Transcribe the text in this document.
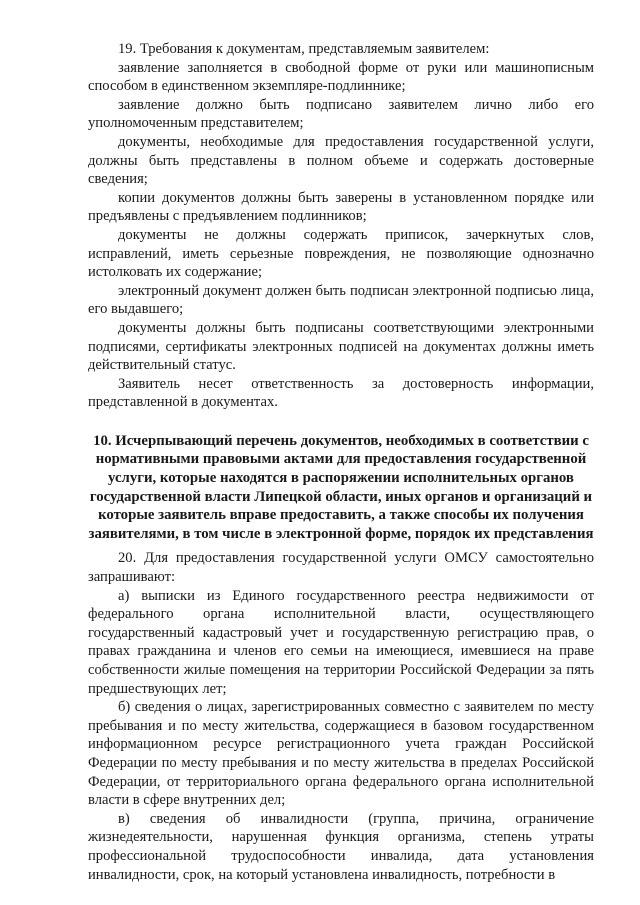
19. Требования к документам, представляемым заявителем:

заявление заполняется в свободной форме от руки или машинописным способом в единственном экземпляре-подлиннике;

заявление должно быть подписано заявителем лично либо его уполномоченным представителем;

документы, необходимые для предоставления государственной услуги, должны быть представлены в полном объеме и содержать достоверные сведения;

копии документов должны быть заверены в установленном порядке или предъявлены с предъявлением подлинников;

документы не должны содержать приписок, зачеркнутых слов, исправлений, иметь серьезные повреждения, не позволяющие однозначно истолковать их содержание;

электронный документ должен быть подписан электронной подписью лица, его выдавшего;

документы должны быть подписаны соответствующими электронными подписями, сертификаты электронных подписей на документах должны иметь действительный статус.

Заявитель несет ответственность за достоверность информации, представленной в документах.

10. Исчерпывающий перечень документов, необходимых в соответствии с нормативными правовыми актами для предоставления государственной услуги, которые находятся в распоряжении исполнительных органов государственной власти Липецкой области, иных органов и организаций и которые заявитель вправе предоставить, а также способы их получения заявителями, в том числе в электронной форме, порядок их представления

20. Для предоставления государственной услуги ОМСУ самостоятельно запрашивают:

а) выписки из Единого государственного реестра недвижимости от федерального органа исполнительной власти, осуществляющего государственный кадастровый учет и государственную регистрацию прав, о правах гражданина и членов его семьи на имеющиеся, имевшиеся на праве собственности жилые помещения на территории Российской Федерации за пять предшествующих лет;

б) сведения о лицах, зарегистрированных совместно с заявителем по месту пребывания и по месту жительства, содержащиеся в базовом государственном информационном ресурсе регистрационного учета граждан Российской Федерации по месту пребывания и по месту жительства в пределах Российской Федерации, от территориального органа федерального органа исполнительной власти в сфере внутренних дел;

в) сведения об инвалидности (группа, причина, ограничение жизнедеятельности, нарушенная функция организма, степень утраты профессиональной трудоспособности инвалида, дата установления инвалидности, срок, на который установлена инвалидность, потребности в
